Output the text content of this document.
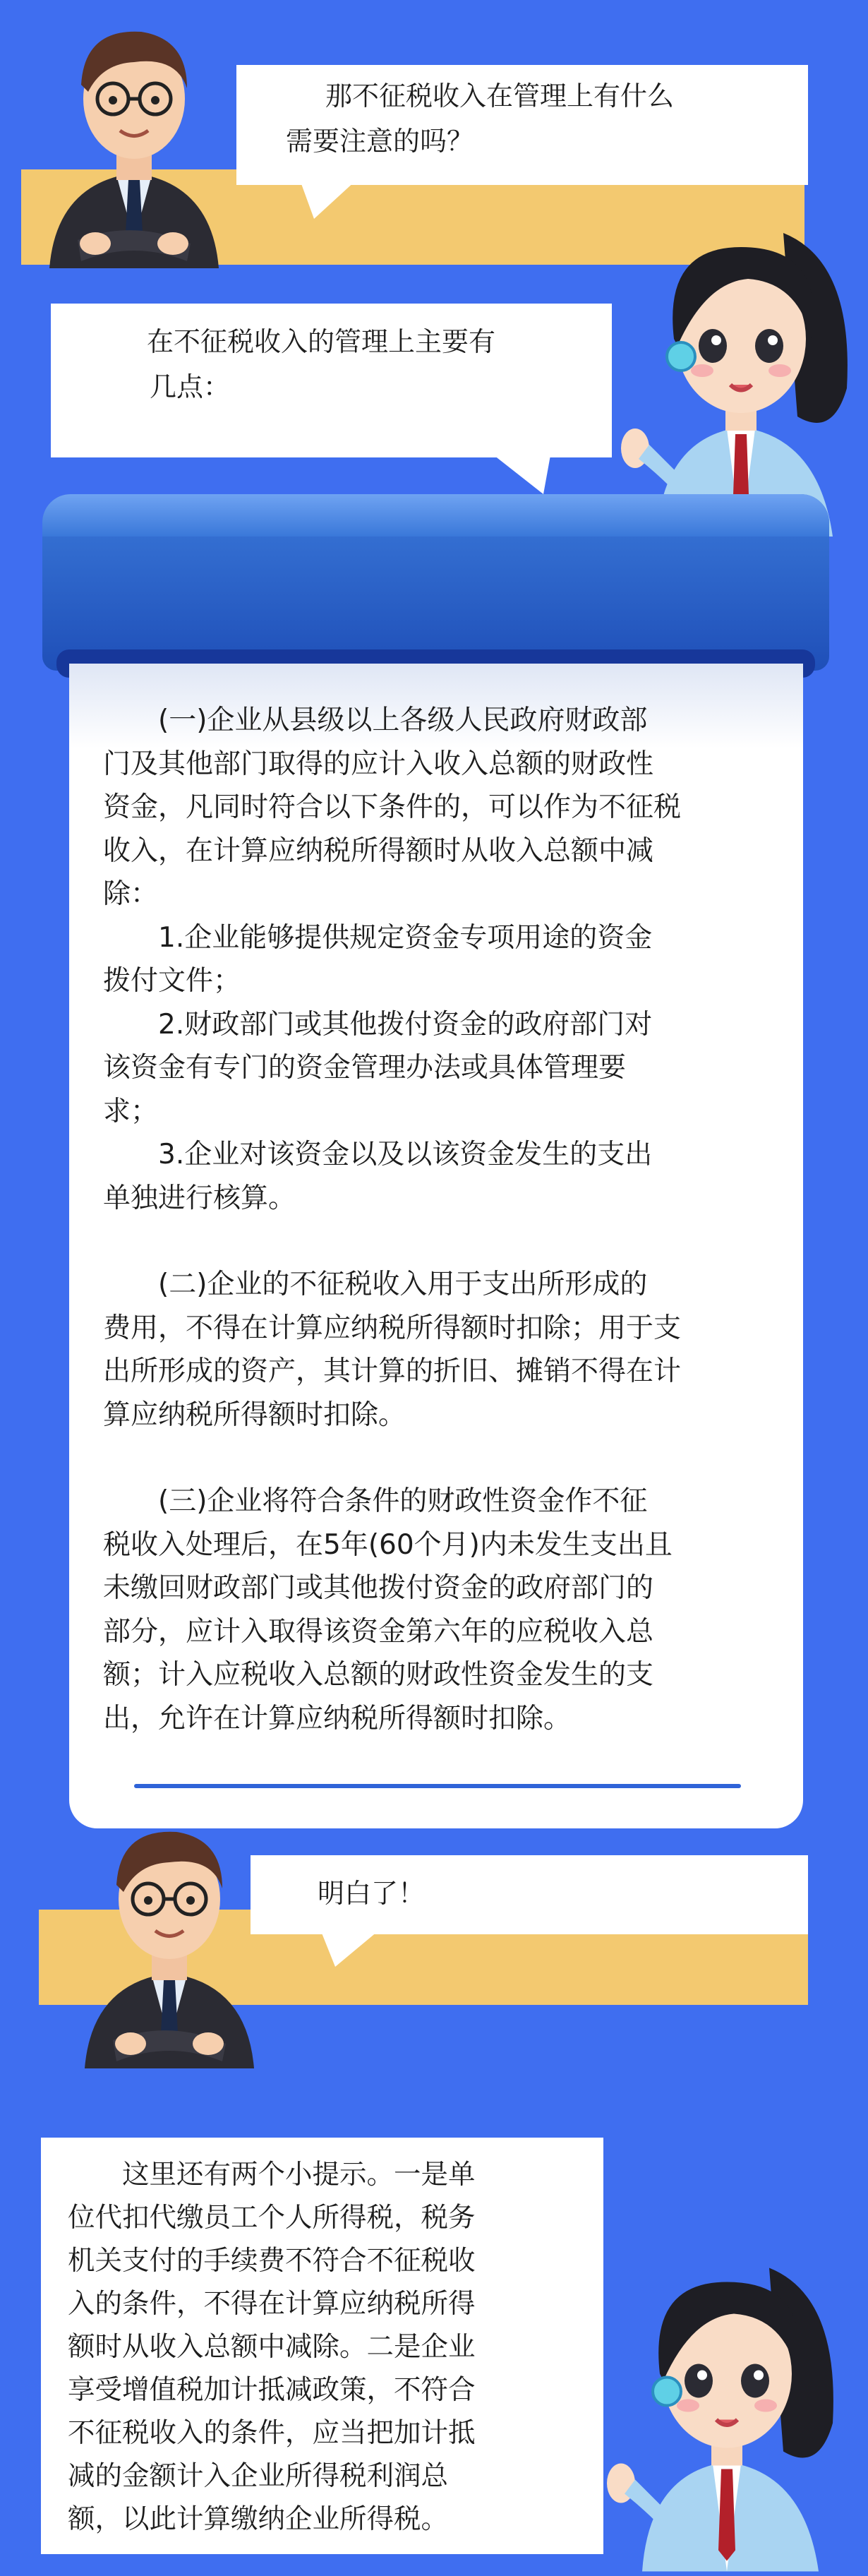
那不征税收入在管理上有什么
需要注意的吗？
在不征税收入的管理上主要有
几点：

(一)企业从县级以上各级人民政府财政部

门及其他部门取得的应计入收入总额的财政性
资金，凡同时符合以下条件的，可以作为不征税
收入，在计算应纳税所得额时从收入总额中减
除：

1.企业能够提供规定资金专项用途的资金

拨付文件；

2.财政部门或其他拨付资金的政府部门对

该资金有专门的资金管理办法或具体管理要
求；

3.企业对该资金以及以该资金发生的支出

单独进行核算。

(二)企业的不征税收入用于支出所形成的

费用，不得在计算应纳税所得额时扣除；用于支
出所形成的资产，其计算的折旧、摊销不得在计
算应纳税所得额时扣除。

(三)企业将符合条件的财政性资金作不征

税收入处理后，在5年(60个月)内未发生支出且
未缴回财政部门或其他拨付资金的政府部门的
部分，应计入取得该资金第六年的应税收入总
额；计入应税收入总额的财政性资金发生的支
出，允许在计算应纳税所得额时扣除。
明白了！
这里还有两个小提示。一是单
位代扣代缴员工个人所得税，税务
机关支付的手续费不符合不征税收
入的条件，不得在计算应纳税所得
额时从收入总额中减除。二是企业
享受增值税加计抵减政策，不符合
不征税收入的条件，应当把加计抵
减的金额计入企业所得税利润总
额，以此计算缴纳企业所得税。
